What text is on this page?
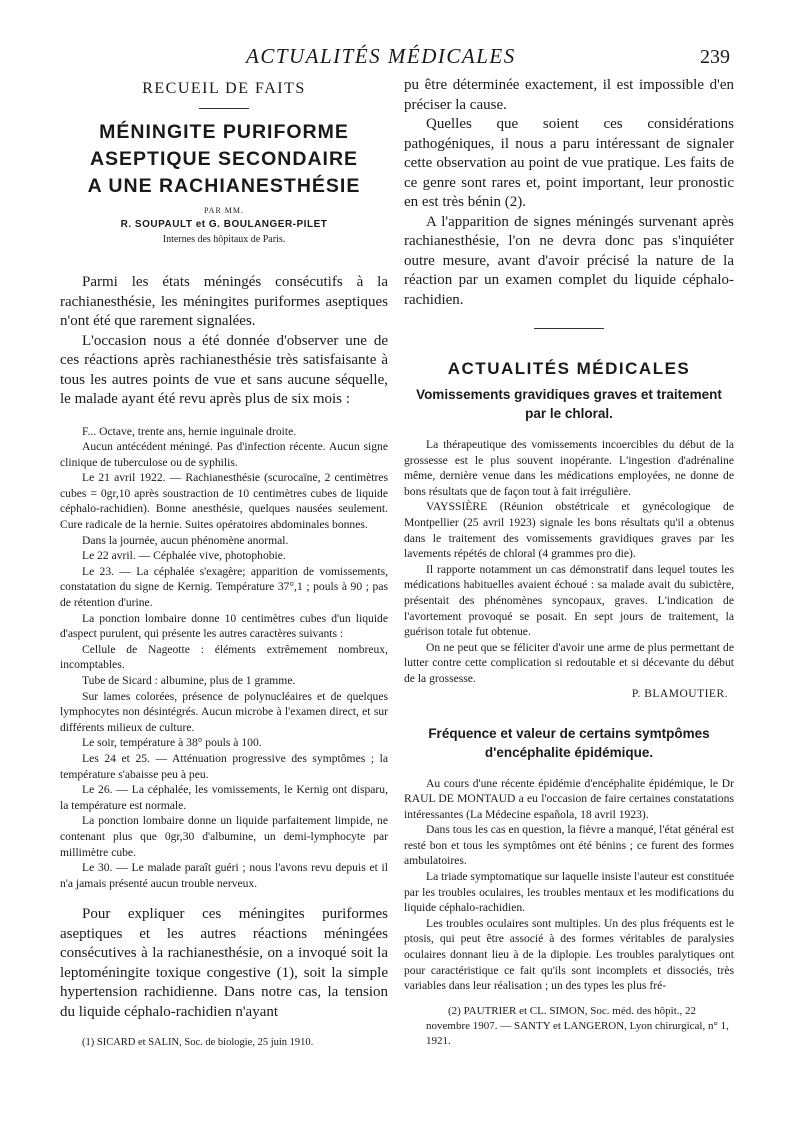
ACTUALITÉS MÉDICALES	239

RECUEIL DE FAITS

MÉNINGITE PURIFORME

ASEPTIQUE SECONDAIRE

A UNE RACHIANESTHÉSIE

PAR MM.

R. SOUPAULT et G. BOULANGER-PILET

Internes des hôpitaux de Paris.

Parmi les états méningés consécutifs à la rachianesthésie, les méningites puriformes aseptiques n'ont été que rarement signalées.

L'occasion nous a été donnée d'observer une de ces réactions après rachianesthésie très satisfaisante à tous les autres points de vue et sans aucune séquelle, le malade ayant été revu après plus de six mois :

F... Octave, trente ans, hernie inguinale droite.

Aucun antécédent méningé. Pas d'infection récente. Aucun signe clinique de tuberculose ou de syphilis.

Le 21 avril 1922. — Rachianesthésie (scurocaïne, 2 centimètres cubes = 0gr,10 après soustraction de 10 centimètres cubes de liquide céphalo-rachidien). Bonne anesthésie, quelques nausées seulement. Cure radicale de la hernie. Suites opératoires abdominales bonnes.

Dans la journée, aucun phénomène anormal.

Le 22 avril. — Céphalée vive, photophobie.

Le 23. — La céphalée s'exagère; apparition de vomissements, constatation du signe de Kernig. Température 37°,1 ; pouls à 90 ; pas de rétention d'urine.

La ponction lombaire donne 10 centimètres cubes d'un liquide d'aspect purulent, qui présente les autres caractères suivants :

Cellule de Nageotte : éléments extrêmement nombreux, incomptables.

Tube de Sicard : albumine, plus de 1 gramme.

Sur lames colorées, présence de polynucléaires et de quelques lymphocytes non désintégrés. Aucun microbe à l'examen direct, et sur différents milieux de culture.

Le soir, température à 38° pouls à 100.

Les 24 et 25. — Atténuation progressive des symptômes ; la température s'abaisse peu à peu.

Le 26. — La céphalée, les vomissements, le Kernig ont disparu, la température est normale.

La ponction lombaire donne un liquide parfaitement limpide, ne contenant plus que 0gr,30 d'albumine, un demi-lymphocyte par millimètre cube.

Le 30. — Le malade paraît guéri ; nous l'avons revu depuis et il n'a jamais présenté aucun trouble nerveux.

Pour expliquer ces méningites puriformes aseptiques et les autres réactions méningées consécutives à la rachianesthésie, on a invoqué soit la leptoméningite toxique congestive (1), soit la simple hypertension rachidienne. Dans notre cas, la tension du liquide céphalo-rachidien n'ayant

(1) SICARD et SALIN, Soc. de biologie, 25 juin 1910.

pu être déterminée exactement, il est impossible d'en préciser la cause.

Quelles que soient ces considérations pathogéniques, il nous a paru intéressant de signaler cette observation au point de vue pratique. Les faits de ce genre sont rares et, point important, leur pronostic en est très bénin (2).

A l'apparition de signes méningés survenant après rachianesthésie, l'on ne devra donc pas s'inquiéter outre mesure, avant d'avoir précisé la nature de la réaction par un examen complet du liquide céphalo-rachidien.

ACTUALITÉS MÉDICALES

Vomissements gravidiques graves et traitement par le chloral.

La thérapeutique des vomissements incoercibles du début de la grossesse est le plus souvent inopérante. L'ingestion d'adrénaline même, dernière venue dans les médications employées, ne donne de bons résultats que de façon tout à fait irrégulière.

VAYSSIÈRE (Réunion obstétricale et gynécologique de Montpellier (25 avril 1923) signale les bons résultats qu'il a obtenus dans le traitement des vomissements gravidiques graves par les lavements répétés de chloral (4 grammes pro die).

Il rapporte notamment un cas démonstratif dans lequel toutes les médications habituelles avaient échoué : sa malade avait du subictère, présentait des phénomènes syncopaux, graves. L'indication de l'avortement provoqué se posait. En sept jours de traitement, la guérison totale fut obtenue.

On ne peut que se féliciter d'avoir une arme de plus permettant de lutter contre cette complication si redoutable et si décevante du début de la grossesse.

P. BLAMOUTIER.

Fréquence et valeur de certains symtpômes d'encéphalite épidémique.

Au cours d'une récente épidémie d'encéphalite épidémique, le Dr RAUL DE MONTAUD a eu l'occasion de faire certaines constatations intéressantes (La Médecine española, 18 avril 1923).

Dans tous les cas en question, la fièvre a manqué, l'état général est resté bon et tous les symptômes ont été bénins ; ce furent des formes ambulatoires.

La triade symptomatique sur laquelle insiste l'auteur est constituée par les troubles oculaires, les troubles mentaux et les modifications du liquide céphalo-rachidien.

Les troubles oculaires sont multiples. Un des plus fréquents est le ptosis, qui peut être associé à des formes véritables de paralysies oculaires donnant lieu à de la diplopie. Les troubles paralytiques ont pour caractéristique ce fait qu'ils sont incomplets et dissociés, très variables dans leur réalisation ; un des types les plus fré-

(2) PAUTRIER et CL. SIMON, Soc. méd. des hôpit., 22 novembre 1907. — SANTY et LANGERON, Lyon chirurgical, n° 1, 1921.
